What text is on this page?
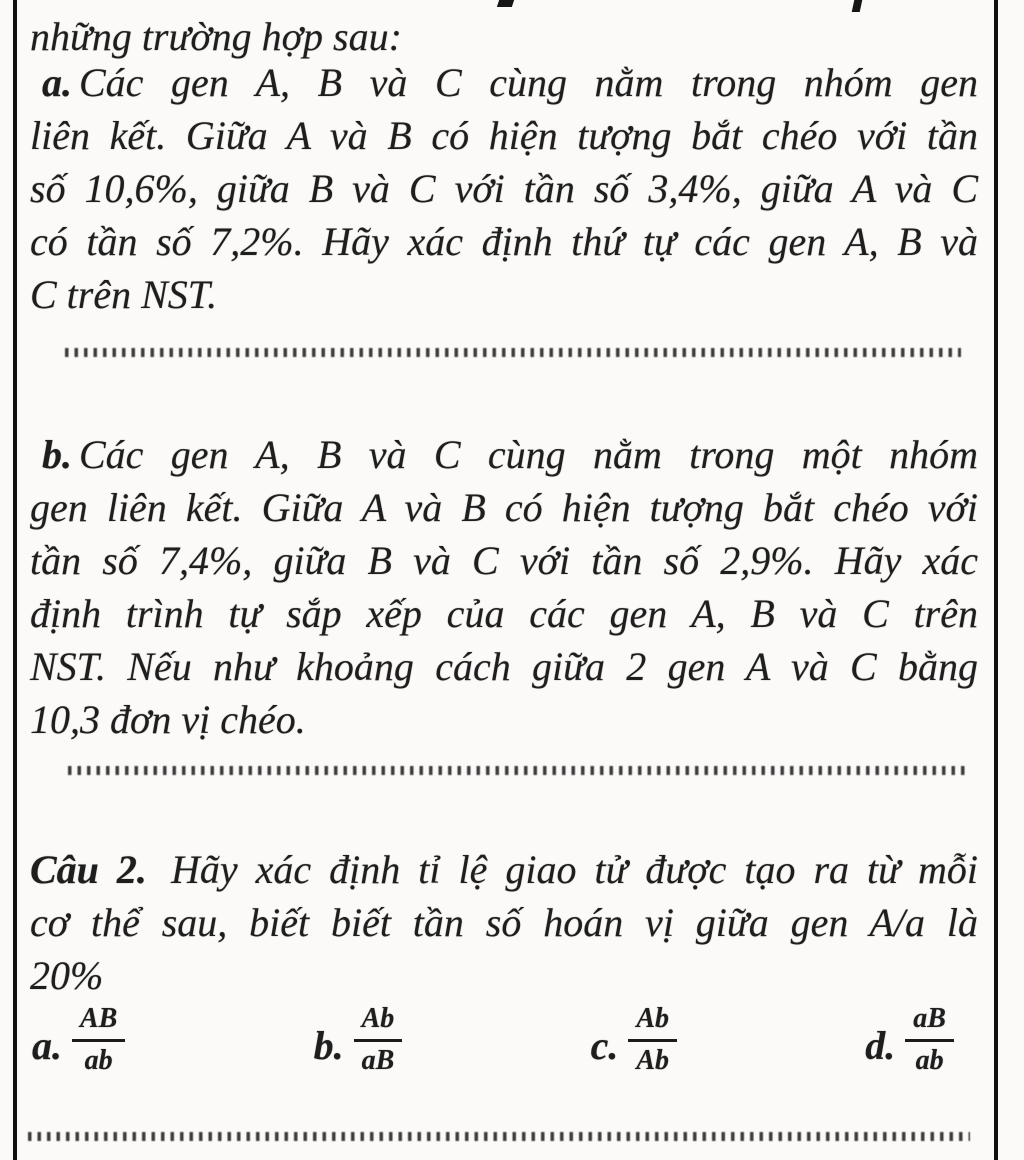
những trường hợp sau:
a. Các gen A, B và C cùng nằm trong nhóm gen
liên kết. Giữa A và B có hiện tượng bắt chéo với tần
số 10,6%, giữa B và C với tần số 3,4%, giữa A và C
có tần số 7,2%. Hãy xác định thứ tự các gen A, B và
C trên NST.
b. Các gen A, B và C cùng nằm trong một nhóm
gen liên kết. Giữa A và B có hiện tượng bắt chéo với
tần số 7,4%, giữa B và C với tần số 2,9%. Hãy xác
định trình tự sắp xếp của các gen A, B và C trên
NST. Nếu như khoảng cách giữa 2 gen A và C bằng
10,3 đơn vị chéo.
Câu 2. Hãy xác định tỉ lệ giao tử được tạo ra từ mỗi
cơ thể sau, biết biết tần số hoán vị giữa gen A/a là
20%
a. $\frac{AB}{ab}$	b. $\frac{Ab}{aB}$	c. $\frac{Ab}{Ab}$	d. $\frac{aB}{ab}$
